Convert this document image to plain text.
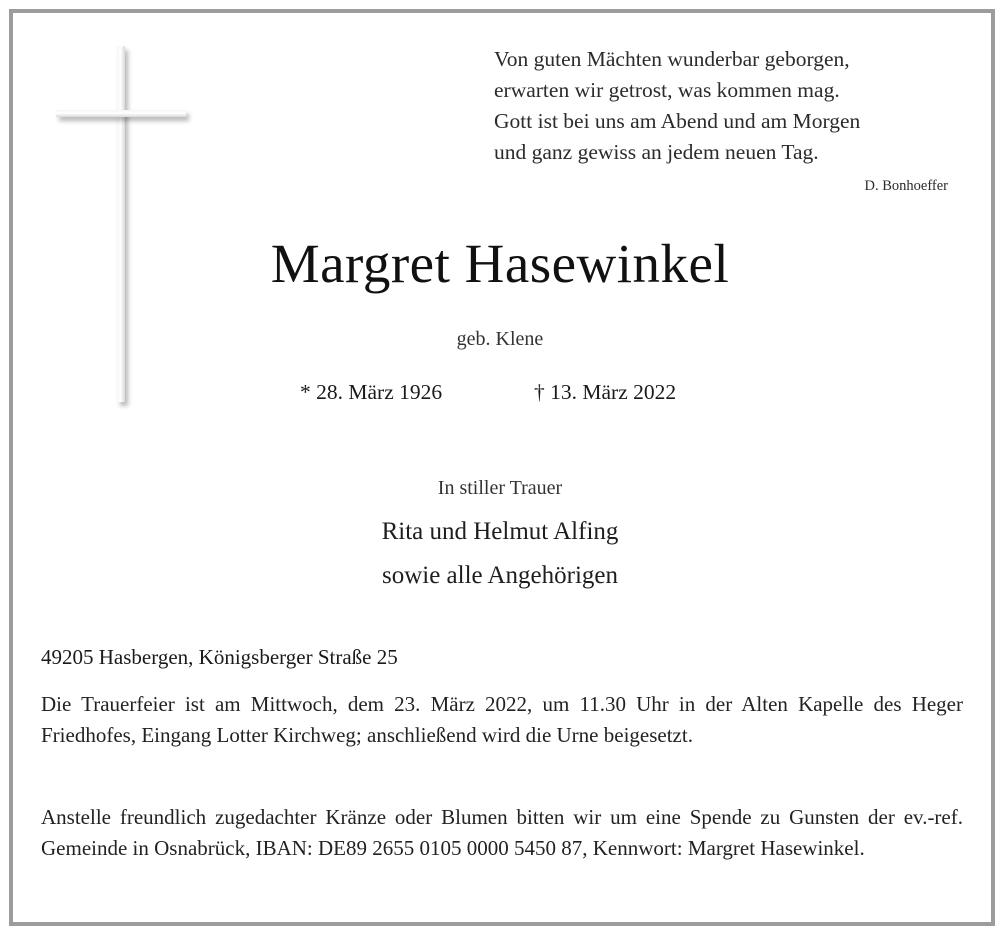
Von guten Mächten wunderbar geborgen,
erwarten wir getrost, was kommen mag.
Gott ist bei uns am Abend und am Morgen
und ganz gewiss an jedem neuen Tag.
D. Bonhoeffer
Margret Hasewinkel
geb. Klene
* 28. März 1926	† 13. März 2022
In stiller Trauer
Rita und Helmut Alfing
sowie alle Angehörigen
49205 Hasbergen, Königsberger Straße 25
Die Trauerfeier ist am Mittwoch, dem 23. März 2022, um 11.30 Uhr in der Alten Kapelle des Heger Friedhofes, Eingang Lotter Kirchweg; anschließend wird die Urne beigesetzt.
Anstelle freundlich zugedachter Kränze oder Blumen bitten wir um eine Spende zu Gunsten der ev.-ref. Gemeinde in Osnabrück, IBAN: DE89 2655 0105 0000 5450 87, Kennwort: Margret Hasewinkel.
